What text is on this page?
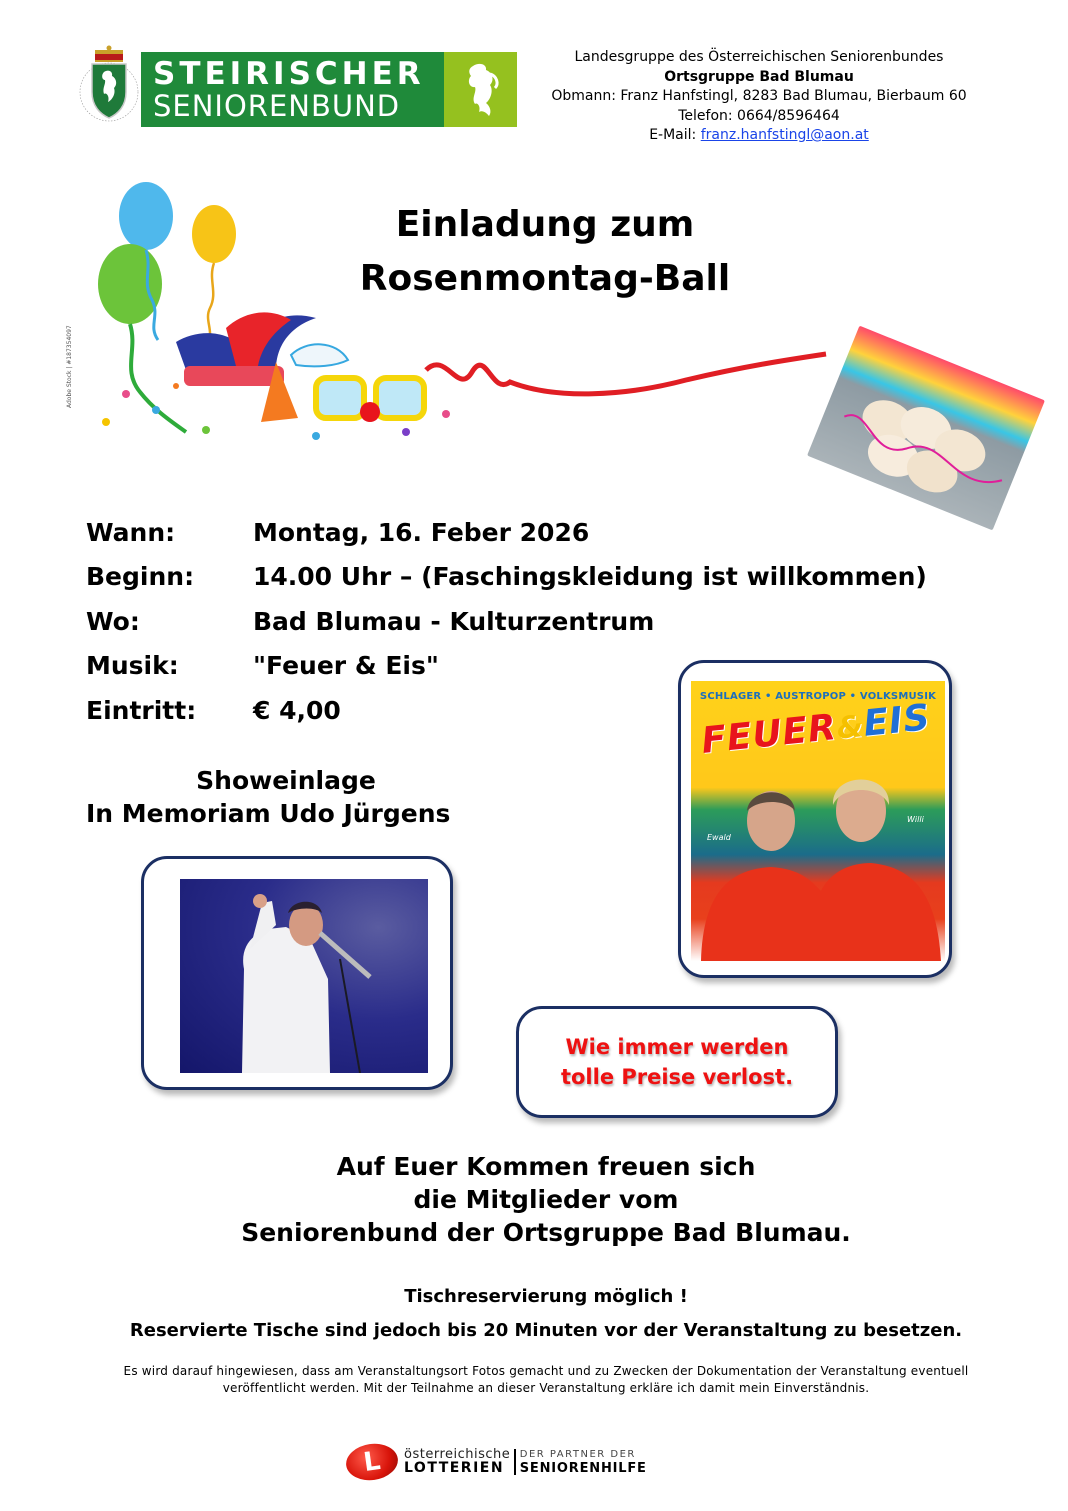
STEIRISCHER
SENIORENBUND
Landesgruppe des Österreichischen Seniorenbundes
Ortsgruppe Bad Blumau
Obmann: Franz Hanfstingl, 8283 Bad Blumau, Bierbaum 60
Telefon: 0664/8596464
E-Mail: franz.hanfstingl@aon.at
Adobe Stock | #187354097
Einladung zum
Rosenmontag-Ball
Wann:	Montag, 16. Feber 2026
Beginn:	14.00 Uhr – (Faschingskleidung ist willkommen)
Wo:	Bad Blumau - Kulturzentrum
Musik:	"Feuer & Eis"
Eintritt:	€ 4,00
Showeinlage
In Memoriam Udo Jürgens
SCHLAGER • AUSTROPOP • VOLKSMUSIK
FEUER&EIS
Ewald
Willi
Wie immer werden
tolle Preise verlost.
Auf Euer Kommen freuen sich
die Mitglieder vom
Seniorenbund der Ortsgruppe Bad Blumau.
Tischreservierung möglich !
Reservierte Tische sind jedoch bis 20 Minuten vor der Veranstaltung zu besetzen.
Es wird darauf hingewiesen, dass am Veranstaltungsort Fotos gemacht und zu Zwecken der Dokumentation der Veranstaltung eventuell
veröffentlicht werden. Mit der Teilnahme an dieser Veranstaltung erkläre ich damit mein Einverständnis.
L	österreichische
LOTTERIEN
DER PARTNER DER
SENIORENHILFE
